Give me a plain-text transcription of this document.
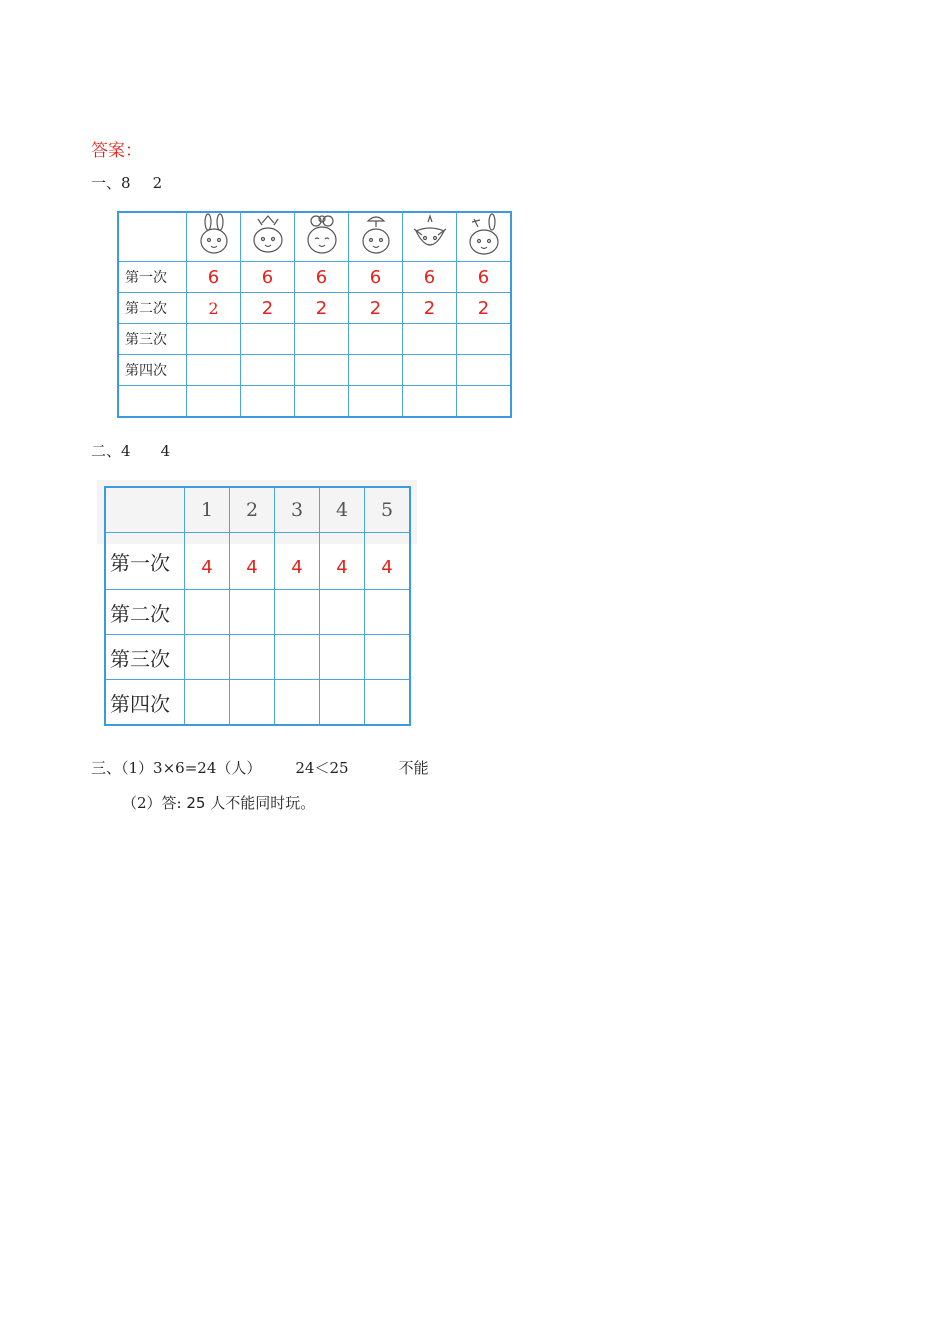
答案：
一、8 2

第一次	6	6	6	6	6	6
第二次	2	2	2	2	2	2
第三次						
第四次						

二、4 4
	1	2	3	4	5
第一次	4	4	4	4	4
第二次					
第三次					
第四次					
三、（1）3×6=24（人） 24＜25	不能
（2）答: 25 人不能同时玩。
